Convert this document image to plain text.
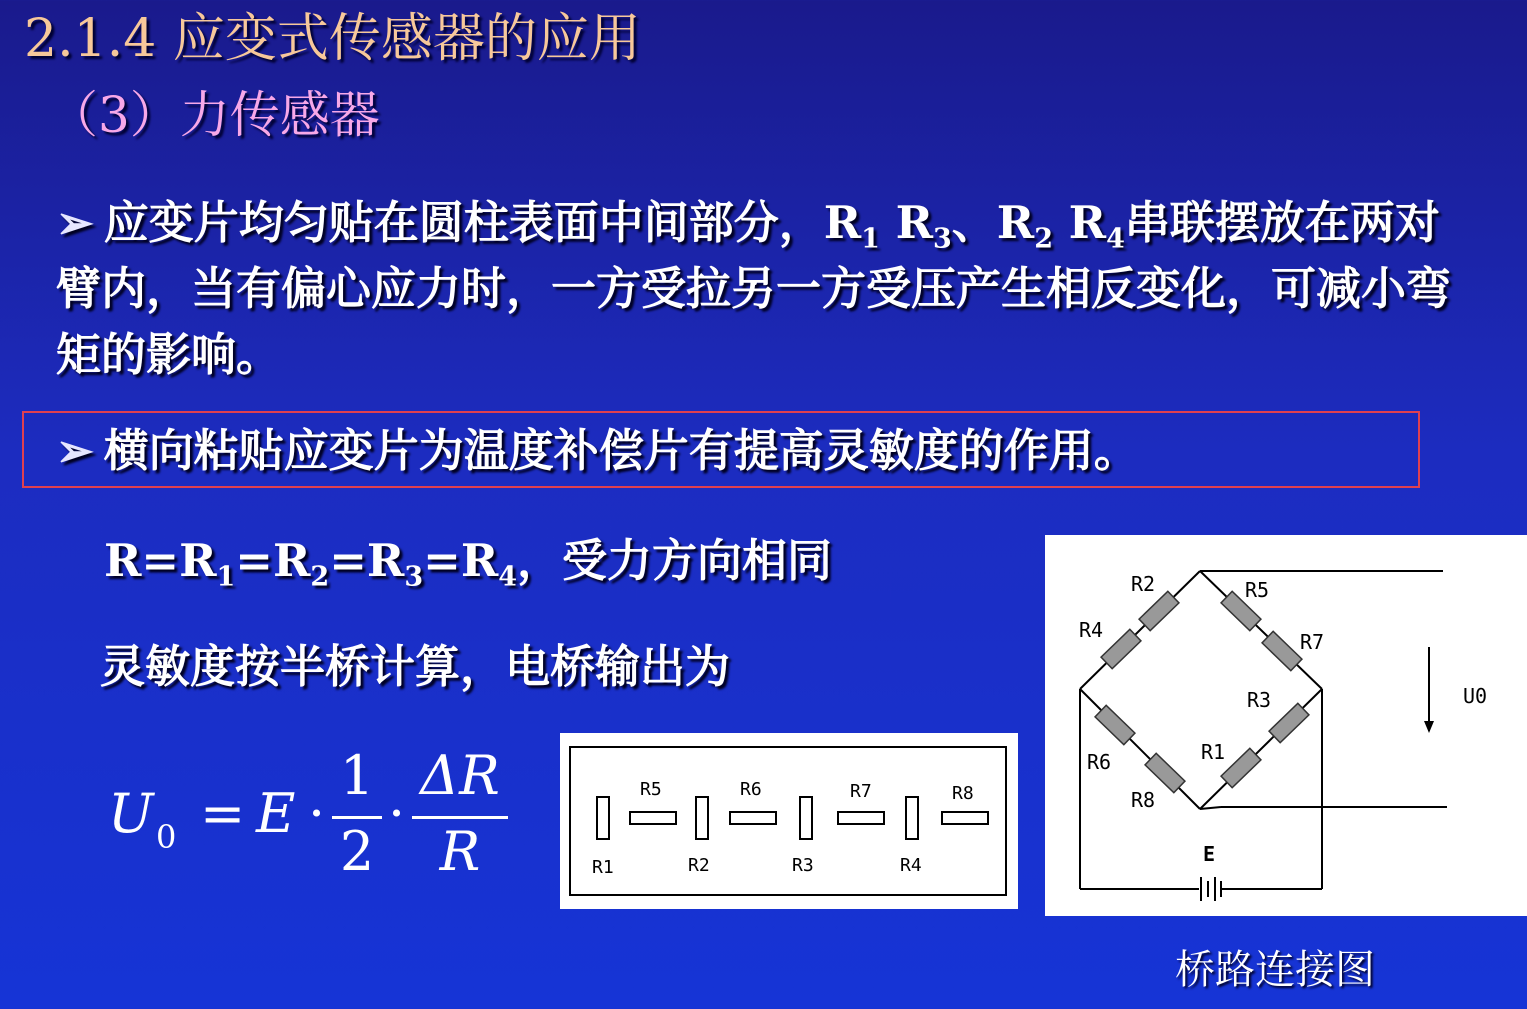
2.1.4 应变式传感器的应用
（3）力传感器
➢ 应变片均匀贴在圆柱表面中间部分，$R_1$ $R_3$、$R_2$ $R_4$串联摆放在两对臂内，当有偏心应力时，一方受拉另一方受压产生相反变化，可减小弯矩的影响。
➢ 横向粘贴应变片为温度补偿片有提高灵敏度的作用。
$R=R_1=R_2=R_3=R_4$，受力方向相同
灵敏度按半桥计算，电桥输出为
U 0 = E ·
1
2
·
ΔR
R
R5	R6	R7	R8
R1	R2	R3	R4
R2	R5
R4	R7
R3
R1
R6
R8
U0
E
桥路连接图
